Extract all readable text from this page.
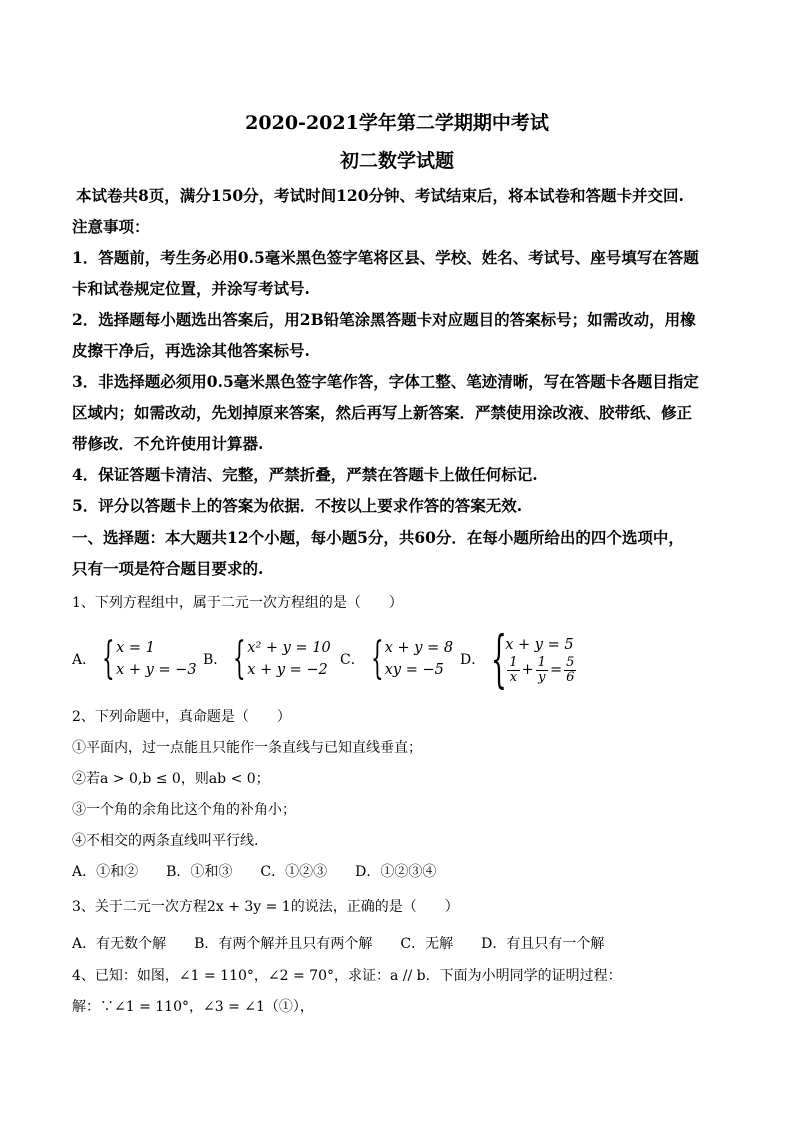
2020-2021学年第二学期期中考试
初二数学试题
本试卷共8页，满分150分，考试时间120分钟、考试结束后，将本试卷和答题卡并交回.
注意事项：
1．答题前，考生务必用0.5毫米黑色签字笔将区县、学校、姓名、考试号、座号填写在答题
卡和试卷规定位置，并涂写考试号.
2．选择题每小题选出答案后，用2B铅笔涂黑答题卡对应题目的答案标号；如需改动，用橡
皮擦干净后，再选涂其他答案标号.
3．非选择题必须用0.5毫米黑色签字笔作答，字体工整、笔迹清晰，写在答题卡各题目指定
区域内；如需改动，先划掉原来答案，然后再写上新答案．严禁使用涂改液、胶带纸、修正
带修改．不允许使用计算器.
4．保证答题卡清洁、完整，严禁折叠，严禁在答题卡上做任何标记.
5．评分以答题卡上的答案为依据．不按以上要求作答的答案无效.
一、选择题：本大题共12个小题，每小题5分，共60分．在每小题所给出的四个选项中，
只有一项是符合题目要求的.
1、下列方程组中，属于二元一次方程组的是（　　）
A． { x = 1
x + y = −3
B． { x² + y = 10
x + y = −2
C． { x + y = 8
xy = −5
D． {
x + y = 5
$\frac{1}{x} + \frac{1}{y} = \frac{5}{6}$
2、下列命题中，真命题是（　　）
①平面内，过一点能且只能作一条直线与已知直线垂直；
②若a > 0,b ≤ 0，则ab < 0；
③一个角的余角比这个角的补角小；
④不相交的两条直线叫平行线.
A．①和②　　B．①和③　　C．①②③　　D．①②③④
3、关于二元一次方程2x + 3y = 1的说法，正确的是（　　）
A．有无数个解　　B．有两个解并且只有两个解　　C．无解　　D．有且只有一个解
4、已知：如图，∠1 = 110°，∠2 = 70°，求证：a // b．下面为小明同学的证明过程：
解：∵∠1 = 110°，∠3 = ∠1（①），
